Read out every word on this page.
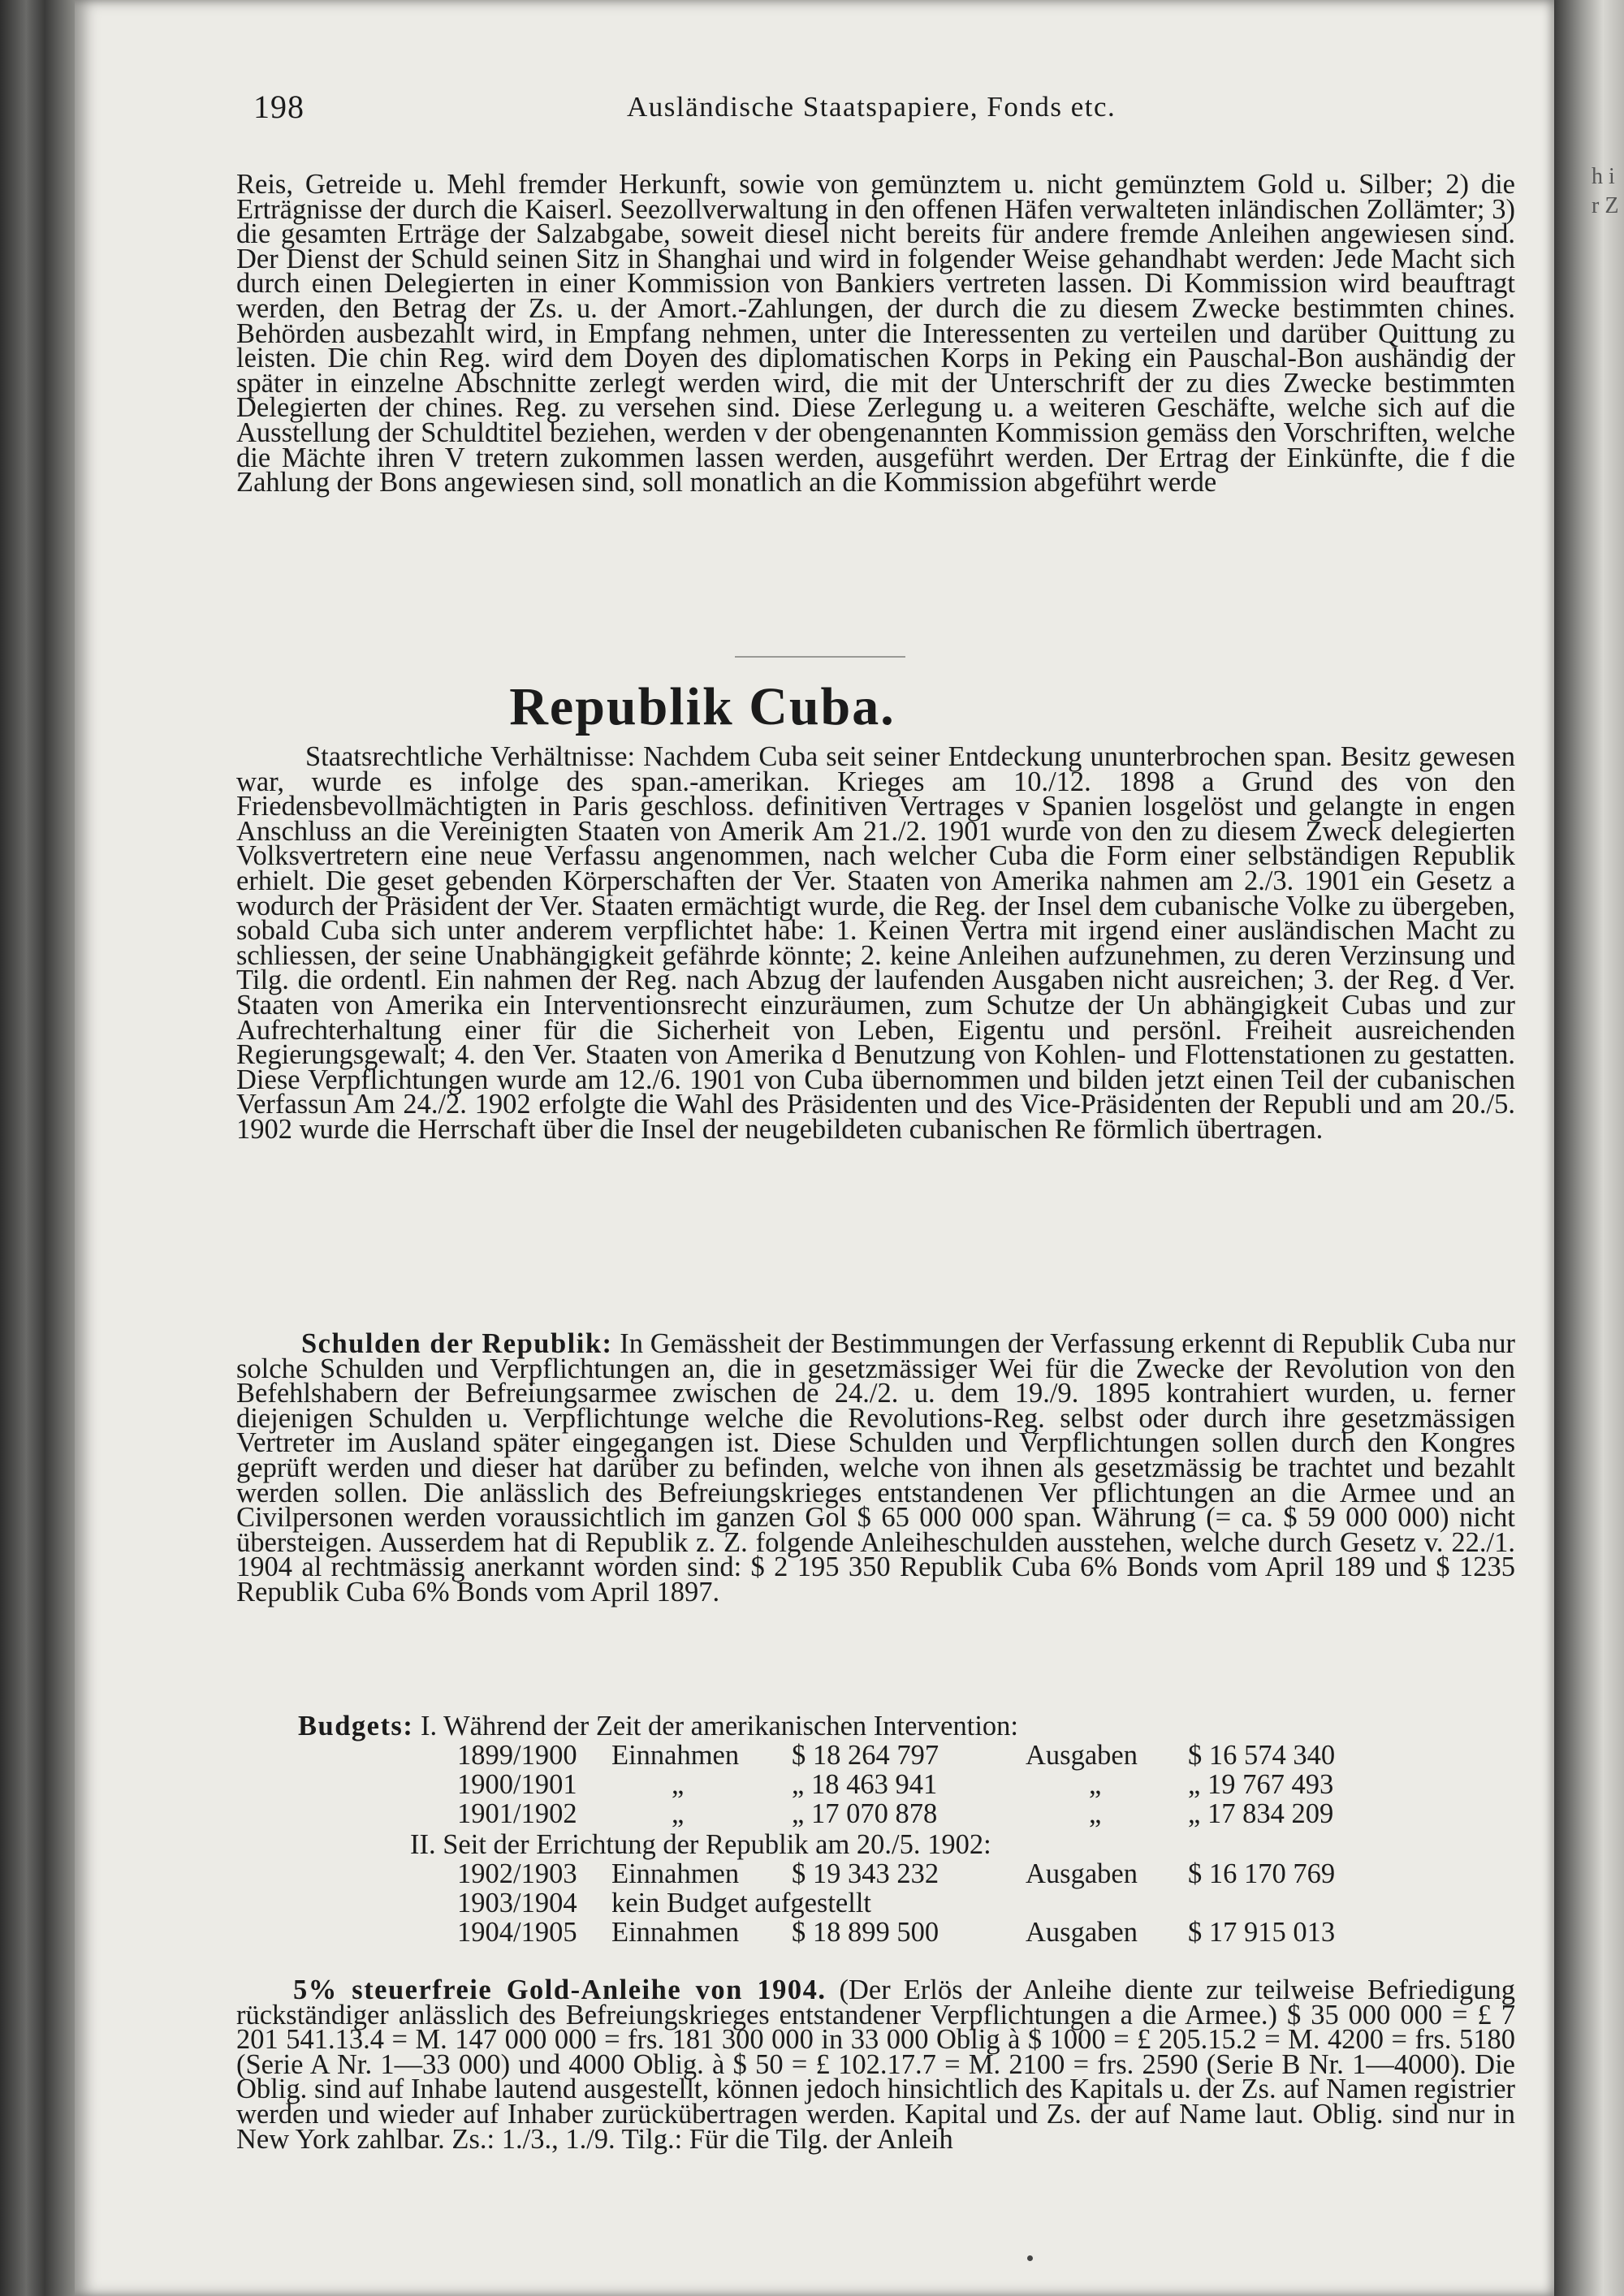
h i r Z
198	Ausländische Staatspapiere, Fonds etc.
Reis, Getreide u. Mehl fremder Herkunft, sowie von gemünztem u. nicht gemünztem Gold u. Silber; 2) die Erträgnisse der durch die Kaiserl. Seezollverwaltung in den offenen Häfen verwalteten inländischen Zollämter; 3) die gesamten Erträge der Salzabgabe, soweit diesel nicht bereits für andere fremde Anleihen angewiesen sind. Der Dienst der Schuld seinen Sitz in Shanghai und wird in folgender Weise gehandhabt werden: Jede Macht sich durch einen Delegierten in einer Kommission von Bankiers vertreten lassen. Di Kommission wird beauftragt werden, den Betrag der Zs. u. der Amort.-Zahlungen, der durch die zu diesem Zwecke bestimmten chines. Behörden ausbezahlt wird, in Empfang nehmen, unter die Interessenten zu verteilen und darüber Quittung zu leisten. Die chin Reg. wird dem Doyen des diplomatischen Korps in Peking ein Pauschal-Bon aushändig der später in einzelne Abschnitte zerlegt werden wird, die mit der Unterschrift der zu dies Zwecke bestimmten Delegierten der chines. Reg. zu versehen sind. Diese Zerlegung u. a weiteren Geschäfte, welche sich auf die Ausstellung der Schuldtitel beziehen, werden v der obengenannten Kommission gemäss den Vorschriften, welche die Mächte ihren V tretern zukommen lassen werden, ausgeführt werden. Der Ertrag der Einkünfte, die f die Zahlung der Bons angewiesen sind, soll monatlich an die Kommission abgeführt werde
Republik Cuba.
Staatsrechtliche Verhältnisse: Nachdem Cuba seit seiner Entdeckung ununterbrochen span. Besitz gewesen war, wurde es infolge des span.-amerikan. Krieges am 10./12. 1898 a Grund des von den Friedensbevollmächtigten in Paris geschloss. definitiven Vertrages v Spanien losgelöst und gelangte in engen Anschluss an die Vereinigten Staaten von Amerik Am 21./2. 1901 wurde von den zu diesem Zweck delegierten Volksvertretern eine neue Verfassu angenommen, nach welcher Cuba die Form einer selbständigen Republik erhielt. Die geset gebenden Körperschaften der Ver. Staaten von Amerika nahmen am 2./3. 1901 ein Gesetz a wodurch der Präsident der Ver. Staaten ermächtigt wurde, die Reg. der Insel dem cubanische Volke zu übergeben, sobald Cuba sich unter anderem verpflichtet habe: 1. Keinen Vertra mit irgend einer ausländischen Macht zu schliessen, der seine Unabhängigkeit gefährde könnte; 2. keine Anleihen aufzunehmen, zu deren Verzinsung und Tilg. die ordentl. Ein nahmen der Reg. nach Abzug der laufenden Ausgaben nicht ausreichen; 3. der Reg. d Ver. Staaten von Amerika ein Interventionsrecht einzuräumen, zum Schutze der Un abhängigkeit Cubas und zur Aufrechterhaltung einer für die Sicherheit von Leben, Eigentu und persönl. Freiheit ausreichenden Regierungsgewalt; 4. den Ver. Staaten von Amerika d Benutzung von Kohlen- und Flottenstationen zu gestatten. Diese Verpflichtungen wurde am 12./6. 1901 von Cuba übernommen und bilden jetzt einen Teil der cubanischen Verfassun Am 24./2. 1902 erfolgte die Wahl des Präsidenten und des Vice-Präsidenten der Republi und am 20./5. 1902 wurde die Herrschaft über die Insel der neugebildeten cubanischen Re förmlich übertragen.
Schulden der Republik: In Gemässheit der Bestimmungen der Verfassung erkennt di Republik Cuba nur solche Schulden und Verpflichtungen an, die in gesetzmässiger Wei für die Zwecke der Revolution von den Befehlshabern der Befreiungsarmee zwischen de 24./2. u. dem 19./9. 1895 kontrahiert wurden, u. ferner diejenigen Schulden u. Verpflichtunge welche die Revolutions-Reg. selbst oder durch ihre gesetzmässigen Vertreter im Ausland später eingegangen ist. Diese Schulden und Verpflichtungen sollen durch den Kongres geprüft werden und dieser hat darüber zu befinden, welche von ihnen als gesetzmässig be trachtet und bezahlt werden sollen. Die anlässlich des Befreiungskrieges entstandenen Ver pflichtungen an die Armee und an Civilpersonen werden voraussichtlich im ganzen Gol $ 65 000 000 span. Währung (= ca. $ 59 000 000) nicht übersteigen. Ausserdem hat di Republik z. Z. folgende Anleiheschulden ausstehen, welche durch Gesetz v. 22./1. 1904 al rechtmässig anerkannt worden sind: $ 2 195 350 Republik Cuba 6% Bonds vom April 189 und $ 1235 Republik Cuba 6% Bonds vom April 1897.
Budgets: I. Während der Zeit der amerikanischen Intervention:
1899/1900 Einnahmen $ 18 264 797	Ausgaben $ 16 574 340
1900/1901	„	„ 18 463 941	„	„ 19 767 493
1901/1902	„	„ 17 070 878	„	„ 17 834 209
II. Seit der Errichtung der Republik am 20./5. 1902:
1902/1903 Einnahmen $ 19 343 232	Ausgaben $ 16 170 769
1903/1904 kein Budget aufgestellt
1904/1905 Einnahmen $ 18 899 500	Ausgaben $ 17 915 013
5% steuerfreie Gold-Anleihe von 1904. (Der Erlös der Anleihe diente zur teilweise Befriedigung rückständiger anlässlich des Befreiungskrieges entstandener Verpflichtungen a die Armee.) $ 35 000 000 = £ 7 201 541.13.4 = M. 147 000 000 = frs. 181 300 000 in 33 000 Oblig à $ 1000 = £ 205.15.2 = M. 4200 = frs. 5180 (Serie A Nr. 1—33 000) und 4000 Oblig. à $ 50 = £ 102.17.7 = M. 2100 = frs. 2590 (Serie B Nr. 1—4000). Die Oblig. sind auf Inhabe lautend ausgestellt, können jedoch hinsichtlich des Kapitals u. der Zs. auf Namen registrier werden und wieder auf Inhaber zurückübertragen werden. Kapital und Zs. der auf Name laut. Oblig. sind nur in New York zahlbar. Zs.: 1./3., 1./9. Tilg.: Für die Tilg. der Anleih
